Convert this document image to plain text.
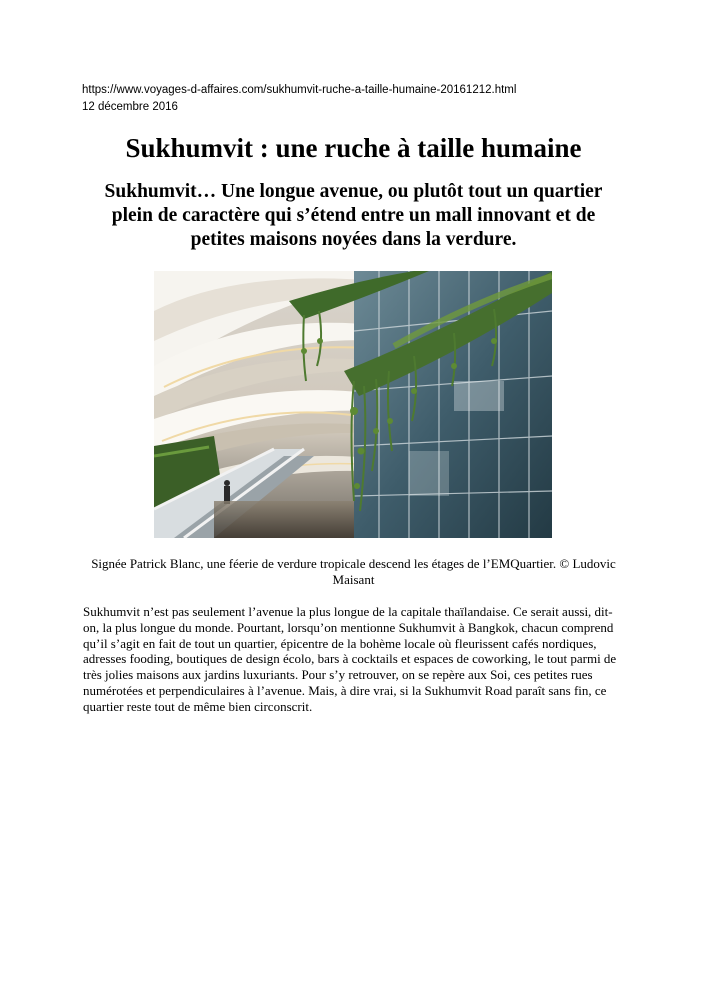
https://www.voyages-d-affaires.com/sukhumvit-ruche-a-taille-humaine-20161212.html
12 décembre 2016
Sukhumvit : une ruche à taille humaine

Sukhumvit… Une longue avenue, ou plutôt tout un quartier plein de caractère qui s’étend entre un mall innovant et de petites maisons noyées dans la verdure.

Signée Patrick Blanc, une féerie de verdure tropicale descend les étages de l’EMQuartier. © Ludovic Maisant

Sukhumvit n’est pas seulement l’avenue la plus longue de la capitale thaïlandaise. Ce serait aussi, dit-on, la plus longue du monde. Pourtant, lorsqu’on mentionne Sukhumvit à Bangkok, chacun comprend qu’il s’agit en fait de tout un quartier, épicentre de la bohème locale où fleurissent cafés nordiques, adresses fooding, boutiques de design écolo, bars à cocktails et espaces de coworking, le tout parmi de très jolies maisons aux jardins luxuriants. Pour s’y retrouver, on se repère aux Soi, ces petites rues numérotées et perpendiculaires à l’avenue. Mais, à dire vrai, si la Sukhumvit Road paraît sans fin, ce quartier reste tout de même bien circonscrit.
